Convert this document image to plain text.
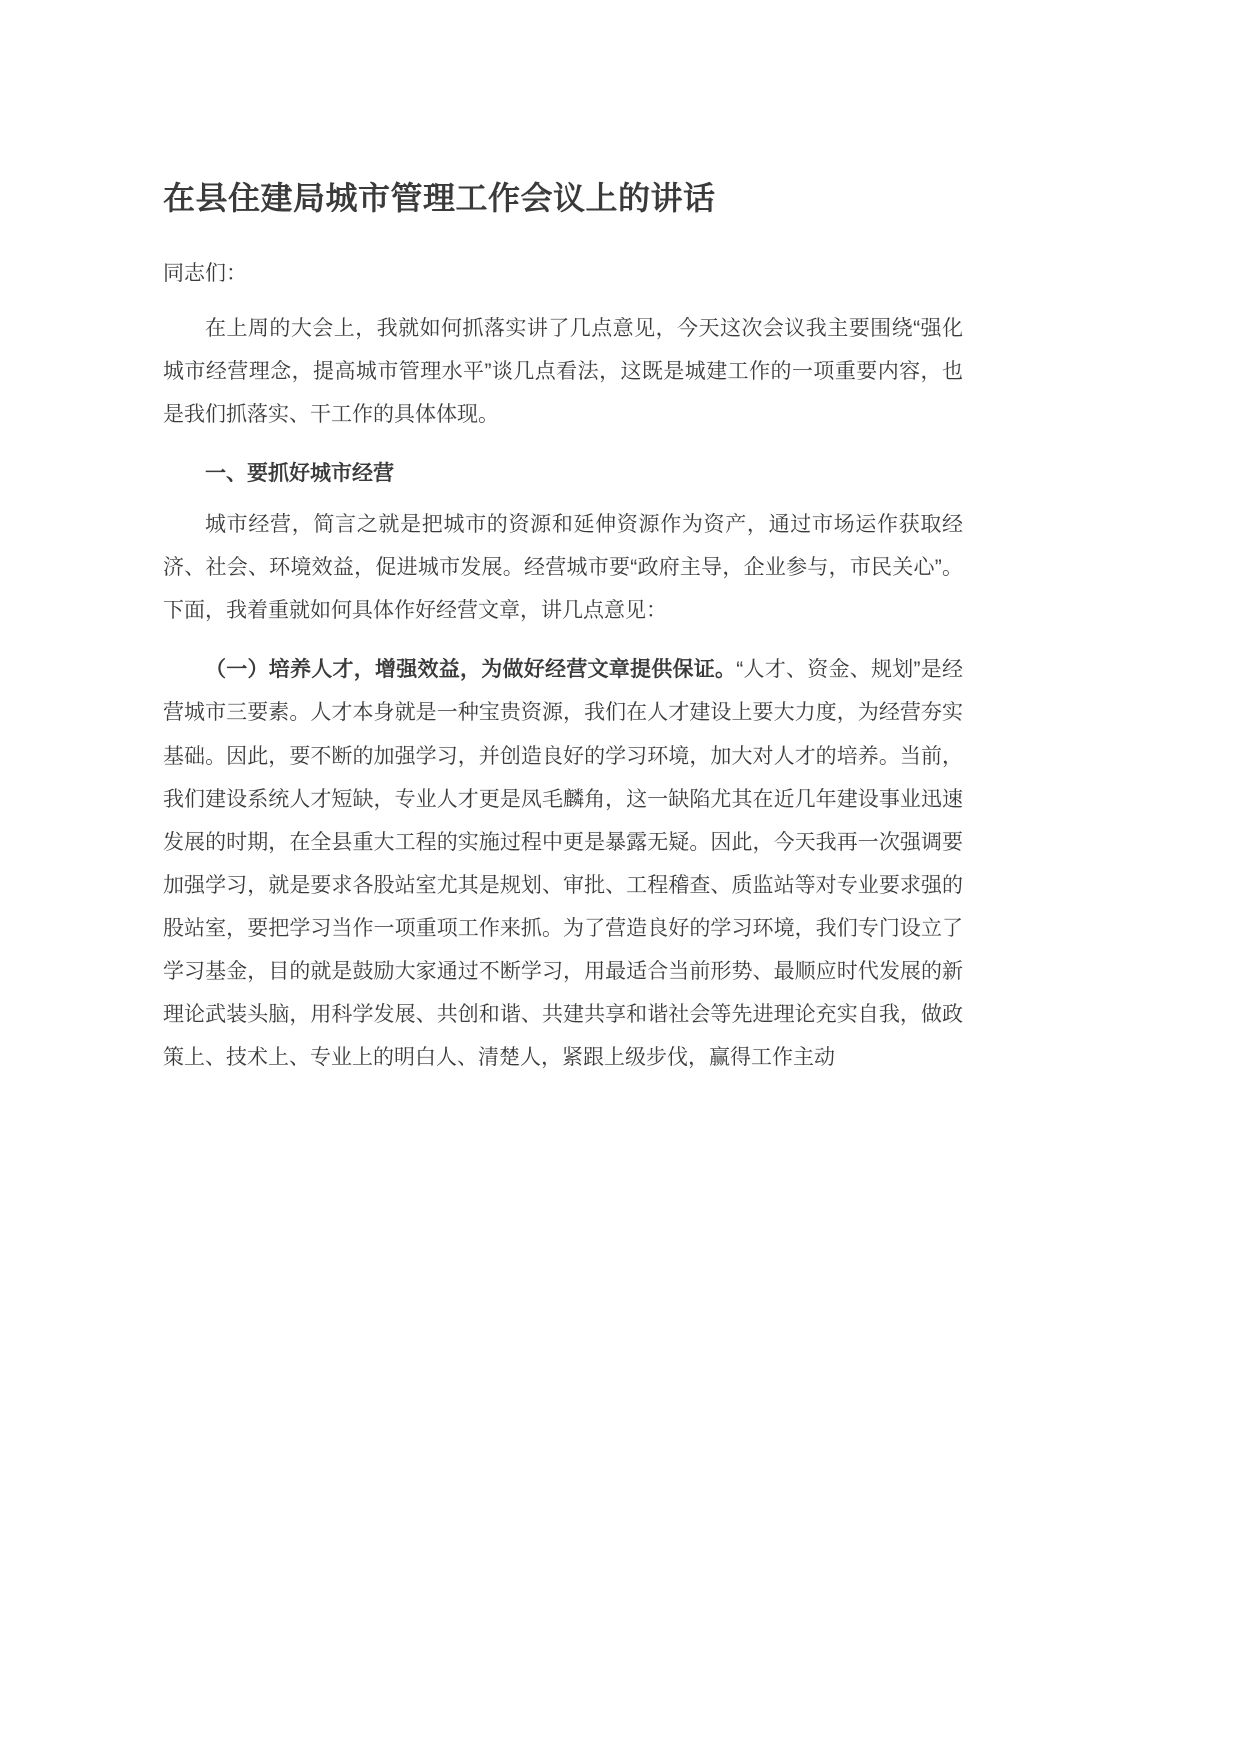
在县住建局城市管理工作会议上的讲话
同志们：

在上周的大会上，我就如何抓落实讲了几点意见，今天这次会议我主要围绕“强化城市经营理念，提高城市管理水平”谈几点看法，这既是城建工作的一项重要内容，也是我们抓落实、干工作的具体体现。

一、要抓好城市经营

城市经营，简言之就是把城市的资源和延伸资源作为资产，通过市场运作获取经济、社会、环境效益，促进城市发展。经营城市要“政府主导，企业参与，市民关心”。下面，我着重就如何具体作好经营文章，讲几点意见：

（一）培养人才，增强效益，为做好经营文章提供保证。“人才、资金、规划”是经营城市三要素。人才本身就是一种宝贵资源，我们在人才建设上要大力度，为经营夯实基础。因此，要不断的加强学习，并创造良好的学习环境，加大对人才的培养。当前，我们建设系统人才短缺，专业人才更是凤毛麟角，这一缺陷尤其在近几年建设事业迅速发展的时期，在全县重大工程的实施过程中更是暴露无疑。因此，今天我再一次强调要加强学习，就是要求各股站室尤其是规划、审批、工程稽查、质监站等对专业要求强的股站室，要把学习当作一项重项工作来抓。为了营造良好的学习环境，我们专门设立了学习基金，目的就是鼓励大家通过不断学习，用最适合当前形势、最顺应时代发展的新理论武装头脑，用科学发展、共创和谐、共建共享和谐社会等先进理论充实自我，做政策上、技术上、专业上的明白人、清楚人，紧跟上级步伐，赢得工作主动
